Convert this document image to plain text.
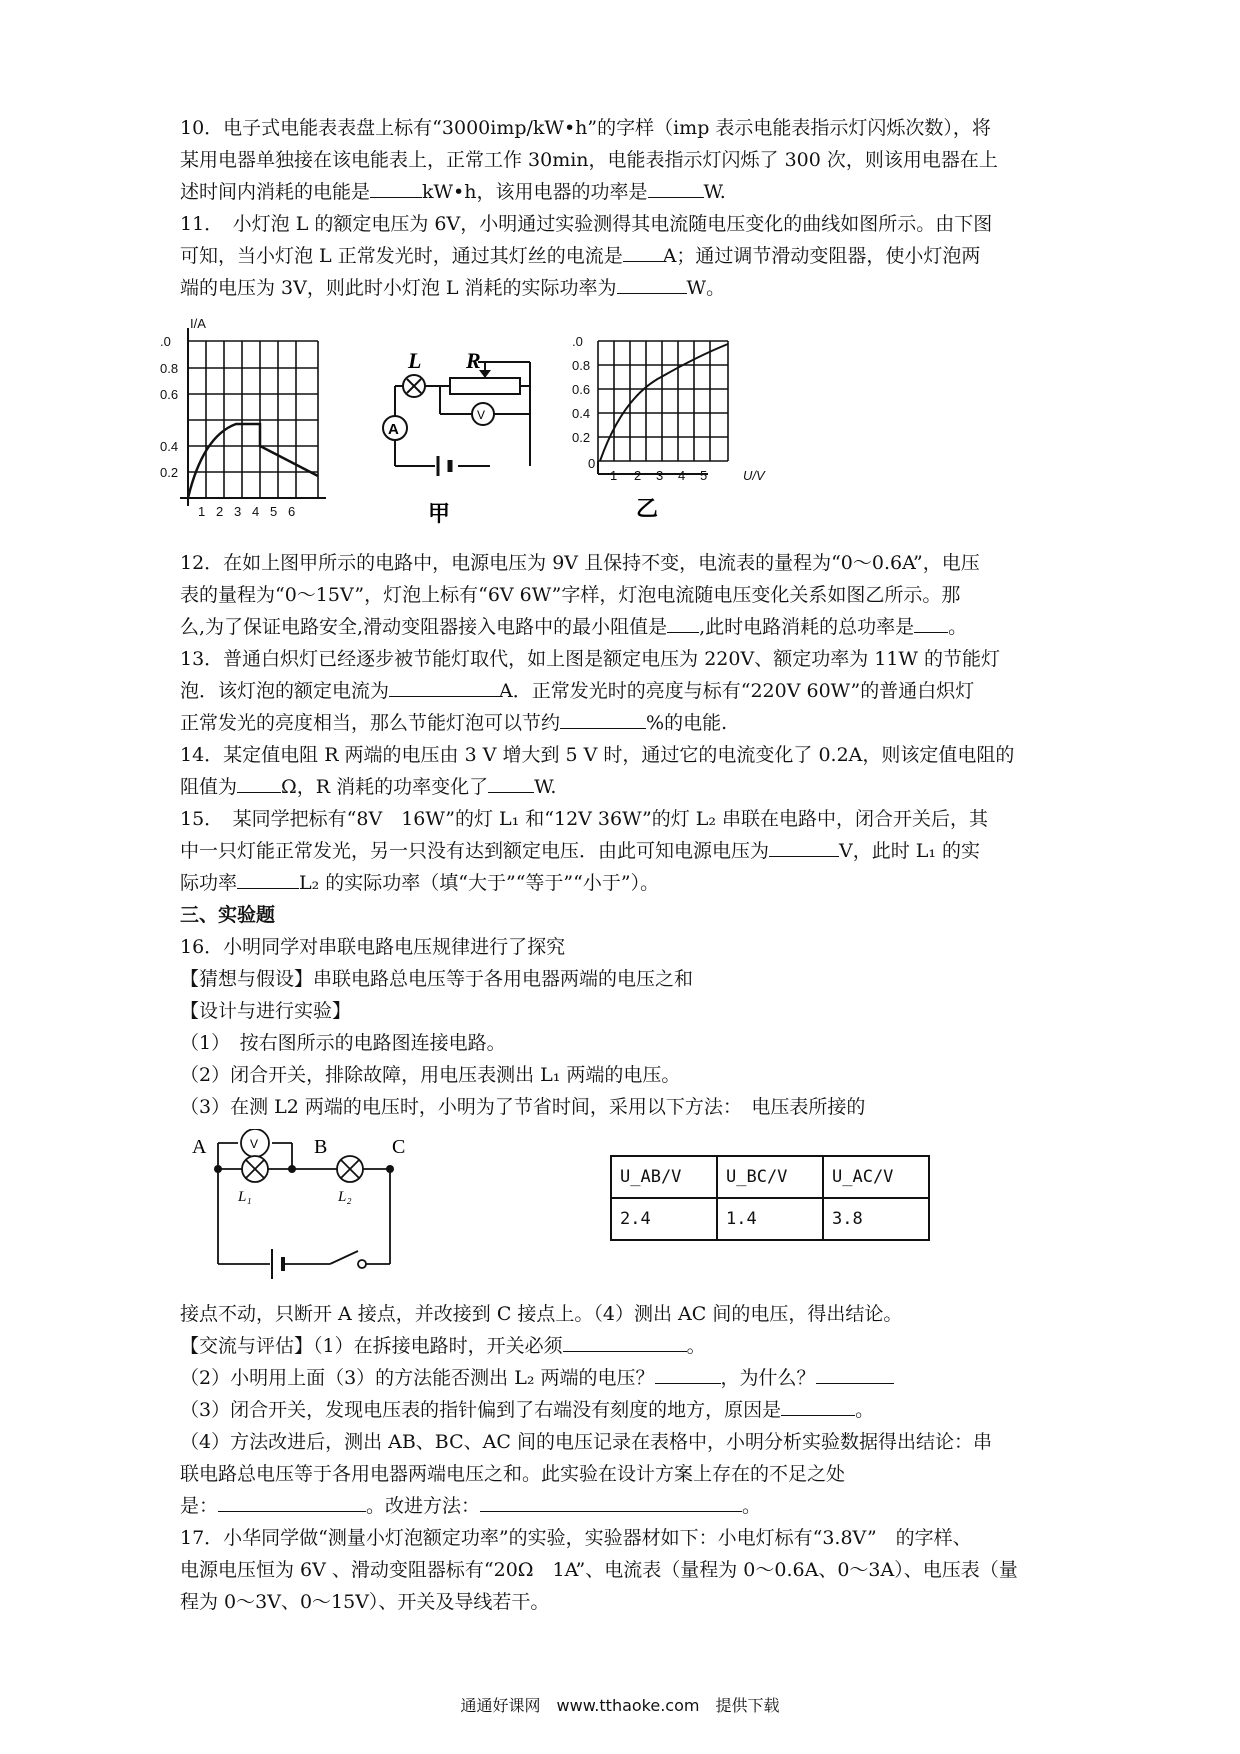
10．电子式电能表表盘上标有“3000imp/kW•h”的字样（imp 表示电能表指示灯闪烁次数），将

某用电器单独接在该电能表上，正常工作 30min，电能表指示灯闪烁了 300 次，则该用电器在上

述时间内消耗的电能是	kW•h，该用电器的功率是	W.

11．　小灯泡 L 的额定电压为 6V，小明通过实验测得其电流随电压变化的曲线如图所示。由下图

可知，当小灯泡 L 正常发光时，通过其灯丝的电流是 A；通过调节滑动变阻器，使小灯泡两

端的电压为 3V，则此时小灯泡 L 消耗的实际功率为	W。

I/A
.0
0.8
0.6
0.4
0.2
1 2 3 4 5 6
L R
A
V
甲
.0
0.8
0.6
0.4
0.2
0
1 2 3 4 5	U/V
乙

12．在如上图甲所示的电路中，电源电压为 9V 且保持不变，电流表的量程为“0～0.6A”，电压

表的量程为“0～15V”，灯泡上标有“6V 6W”字样，灯泡电流随电压变化关系如图乙所示。那

么,为了保证电路安全,滑动变阻器接入电路中的最小阻值是 ,此时电路消耗的总功率是 。

13．普通白炽灯已经逐步被节能灯取代，如上图是额定电压为 220V、额定功率为 11W 的节能灯

泡．该灯泡的额定电流为	A．正常发光时的亮度与标有“220V 60W”的普通白炽灯

正常发光的亮度相当，那么节能灯泡可以节约	%的电能.

14．某定值电阻 R 两端的电压由 3 V 增大到 5 V 时，通过它的电流变化了 0.2A，则该定值电阻的

阻值为 Ω，R 消耗的功率变化了 W.

15．　某同学把标有“8V　16W”的灯 L₁ 和“12V 36W”的灯 L₂ 串联在电路中，闭合开关后，其

中一只灯能正常发光，另一只没有达到额定电压．由此可知电源电压为	V，此时 L₁ 的实

际功率	L₂ 的实际功率（填“大于”“等于”“小于”）。

三、实验题

16．小明同学对串联电路电压规律进行了探究

【猜想与假设】串联电路总电压等于各用电器两端的电压之和

【设计与进行实验】

（1）　按右图所示的电路图连接电路。

（2）闭合开关，排除故障，用电压表测出 L₁ 两端的电压。

（3）在测 L2 两端的电压时，小明为了节省时间，采用以下方法：　电压表所接的

A	B	C
V
L₁	L₂
U_AB/V	U_BC/V	U_AC/V
2.4	1.4	3.8

接点不动，只断开 A 接点，并改接到 C 接点上。（4）测出 AC 间的电压，得出结论。

【交流与评估】（1）在拆接电路时，开关必须	。

（2）小明用上面（3）的方法能否测出 L₂ 两端的电压？	，为什么？

（3）闭合开关，发现电压表的指针偏到了右端没有刻度的地方，原因是	。

（4）方法改进后，测出 AB、BC、AC 间的电压记录在表格中，小明分析实验数据得出结论：串

联电路总电压等于各用电器两端电压之和。此实验在设计方案上存在的不足之处

是：	。改进方法：	。

17．小华同学做“测量小灯泡额定功率”的实验，实验器材如下：小电灯标有“3.8V”　的字样、

电源电压恒为 6V 、滑动变阻器标有“20Ω　1A”、电流表（量程为 0～0.6A、0～3A）、电压表（量

程为 0～3V、0～15V）、开关及导线若干。

通通好课网　www.tthaoke.com　提供下载
